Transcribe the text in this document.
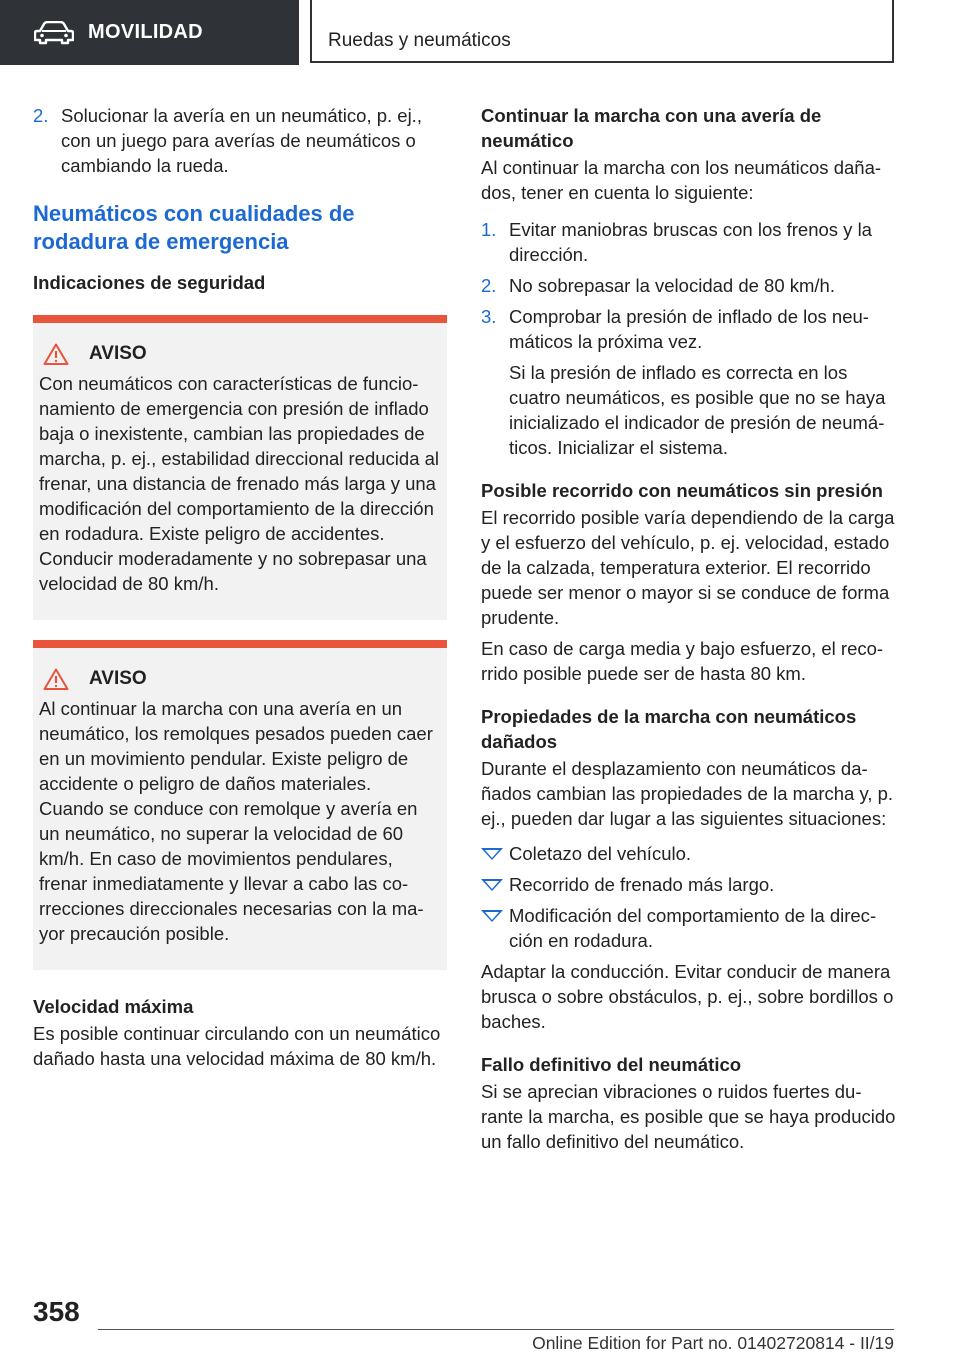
MOVILIDAD	Ruedas y neumáticos
2. Solucionar la avería en un neumático, p. ej., con un juego para averías de neumáticos o cambiando la rueda.
Neumáticos con cualidades de rodadura de emergencia
Indicaciones de seguridad
AVISO

Con neumáticos con características de funcionamiento de emergencia con presión de inflado baja o inexistente, cambian las propiedades de marcha, p. ej., estabilidad direccional reducida al frenar, una distancia de frenado más larga y una modificación del comportamiento de la dirección en rodadura. Existe peligro de accidentes. Conducir moderadamente y no sobrepasar una velocidad de 80 km/h.

AVISO

Al continuar la marcha con una avería en un neumático, los remolques pesados pueden caer en un movimiento pendular. Existe peligro de accidente o peligro de daños materiales. Cuando se conduce con remolque y avería en un neumático, no superar la velocidad de 60 km/h. En caso de movimientos pendulares, frenar inmediatamente y llevar a cabo las correcciones direccionales necesarias con la mayor precaución posible.

Velocidad máxima

Es posible continuar circulando con un neumático dañado hasta una velocidad máxima de 80 km/h.

Continuar la marcha con una avería de neumático

Al continuar la marcha con los neumáticos dañados, tener en cuenta lo siguiente:

1. Evitar maniobras bruscas con los frenos y la dirección.
2. No sobrepasar la velocidad de 80 km/h.
3. Comprobar la presión de inflado de los neumáticos la próxima vez.

Si la presión de inflado es correcta en los cuatro neumáticos, es posible que no se haya inicializado el indicador de presión de neumáticos. Inicializar el sistema.

Posible recorrido con neumáticos sin presión

El recorrido posible varía dependiendo de la carga y el esfuerzo del vehículo, p. ej. velocidad, estado de la calzada, temperatura exterior. El recorrido puede ser menor o mayor si se conduce de forma prudente.

En caso de carga media y bajo esfuerzo, el recorrido posible puede ser de hasta 80 km.

Propiedades de la marcha con neumáticos dañados

Durante el desplazamiento con neumáticos dañados cambian las propiedades de la marcha y, p. ej., pueden dar lugar a las siguientes situaciones:

Coletazo del vehículo.
Recorrido de frenado más largo.
Modificación del comportamiento de la dirección en rodadura.

Adaptar la conducción. Evitar conducir de manera brusca o sobre obstáculos, p. ej., sobre bordillos o baches.

Fallo definitivo del neumático

Si se aprecian vibraciones o ruidos fuertes durante la marcha, es posible que se haya producido un fallo definitivo del neumático.

358
Online Edition for Part no. 01402720814 - II/19
